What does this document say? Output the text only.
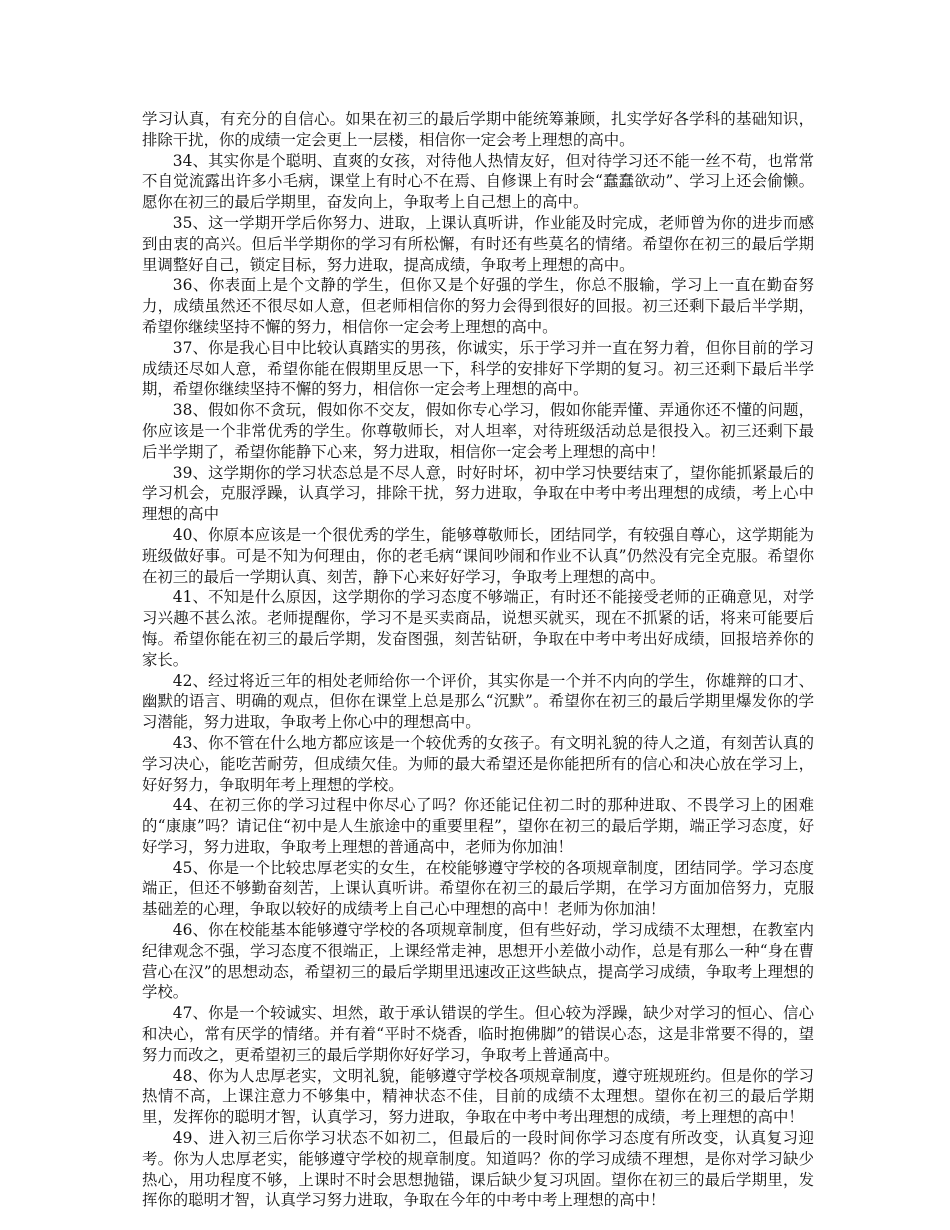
学习认真，有充分的自信心。如果在初三的最后学期中能统筹兼顾，扎实学好各学科的基础知识，排除干扰，你的成绩一定会更上一层楼，相信你一定会考上理想的高中。

34、其实你是个聪明、直爽的女孩，对待他人热情友好，但对待学习还不能一丝不苟，也常常不自觉流露出许多小毛病，课堂上有时心不在焉、自修课上有时会“蠢蠢欲动”、学习上还会偷懒。愿你在初三的最后学期里，奋发向上，争取考上自己想上的高中。

35、这一学期开学后你努力、进取，上课认真听讲，作业能及时完成，老师曾为你的进步而感到由衷的高兴。但后半学期你的学习有所松懈，有时还有些莫名的情绪。希望你在初三的最后学期里调整好自己，锁定目标，努力进取，提高成绩，争取考上理想的高中。

36、你表面上是个文静的学生，但你又是个好强的学生，你总不服输，学习上一直在勤奋努力，成绩虽然还不很尽如人意，但老师相信你的努力会得到很好的回报。初三还剩下最后半学期，希望你继续坚持不懈的努力，相信你一定会考上理想的高中。

37、你是我心目中比较认真踏实的男孩，你诚实，乐于学习并一直在努力着，但你目前的学习成绩还尽如人意，希望你能在假期里反思一下，科学的安排好下学期的复习。初三还剩下最后半学期，希望你继续坚持不懈的努力，相信你一定会考上理想的高中。

38、假如你不贪玩，假如你不交友，假如你专心学习，假如你能弄懂、弄通你还不懂的问题，你应该是一个非常优秀的学生。你尊敬师长，对人坦率，对待班级活动总是很投入。初三还剩下最后半学期了，希望你能静下心来，努力进取，相信你一定会考上理想的高中！

39、这学期你的学习状态总是不尽人意，时好时坏，初中学习快要结束了，望你能抓紧最后的学习机会，克服浮躁，认真学习，排除干扰，努力进取，争取在中考中考出理想的成绩，考上心中理想的高中

40、你原本应该是一个很优秀的学生，能够尊敬师长，团结同学，有较强自尊心，这学期能为班级做好事。可是不知为何理由，你的老毛病“课间吵闹和作业不认真”仍然没有完全克服。希望你在初三的最后一学期认真、刻苦，静下心来好好学习，争取考上理想的高中。

41、不知是什么原因，这学期你的学习态度不够端正，有时还不能接受老师的正确意见，对学习兴趣不甚么浓。老师提醒你，学习不是买卖商品，说想买就买，现在不抓紧的话，将来可能要后悔。希望你能在初三的最后学期，发奋图强，刻苦钻研，争取在中考中考出好成绩，回报培养你的家长。

42、经过将近三年的相处老师给你一个评价，其实你是一个并不内向的学生，你雄辩的口才、幽默的语言、明确的观点，但你在课堂上总是那么“沉默”。希望你在初三的最后学期里爆发你的学习潜能，努力进取，争取考上你心中的理想高中。

43、你不管在什么地方都应该是一个较优秀的女孩子。有文明礼貌的待人之道，有刻苦认真的学习决心，能吃苦耐劳，但成绩欠佳。为师的最大希望还是你能把所有的信心和决心放在学习上，好好努力，争取明年考上理想的学校。

44、在初三你的学习过程中你尽心了吗？你还能记住初二时的那种进取、不畏学习上的困难的“康康”吗？请记住“初中是人生旅途中的重要里程”，望你在初三的最后学期，端正学习态度，好好学习，努力进取，争取考上理想的普通高中，老师为你加油！

45、你是一个比较忠厚老实的女生，在校能够遵守学校的各项规章制度，团结同学。学习态度端正，但还不够勤奋刻苦，上课认真听讲。希望你在初三的最后学期，在学习方面加倍努力，克服基础差的心理，争取以较好的成绩考上自己心中理想的高中！老师为你加油！

46、你在校能基本能够遵守学校的各项规章制度，但有些好动，学习成绩不太理想，在教室内纪律观念不强，学习态度不很端正，上课经常走神，思想开小差做小动作，总是有那么一种“身在曹营心在汉”的思想动态，希望初三的最后学期里迅速改正这些缺点，提高学习成绩，争取考上理想的学校。

47、你是一个较诚实、坦然，敢于承认错误的学生。但心较为浮躁，缺少对学习的恒心、信心和决心，常有厌学的情绪。并有着“平时不烧香，临时抱佛脚”的错误心态，这是非常要不得的，望努力而改之，更希望初三的最后学期你好好学习，争取考上普通高中。

48、你为人忠厚老实，文明礼貌，能够遵守学校各项规章制度，遵守班规班约。但是你的学习热情不高，上课注意力不够集中，精神状态不佳，目前的成绩不太理想。望你在初三的最后学期里，发挥你的聪明才智，认真学习，努力进取，争取在中考中考出理想的成绩，考上理想的高中！

49、进入初三后你学习状态不如初二，但最后的一段时间你学习态度有所改变，认真复习迎考。你为人忠厚老实，能够遵守学校的规章制度。知道吗？你的学习成绩不理想，是你对学习缺少热心，用功程度不够，上课时不时会思想抛锚，课后缺少复习巩固。望你在初三的最后学期里，发挥你的聪明才智，认真学习努力进取，争取在今年的中考中考上理想的高中！
